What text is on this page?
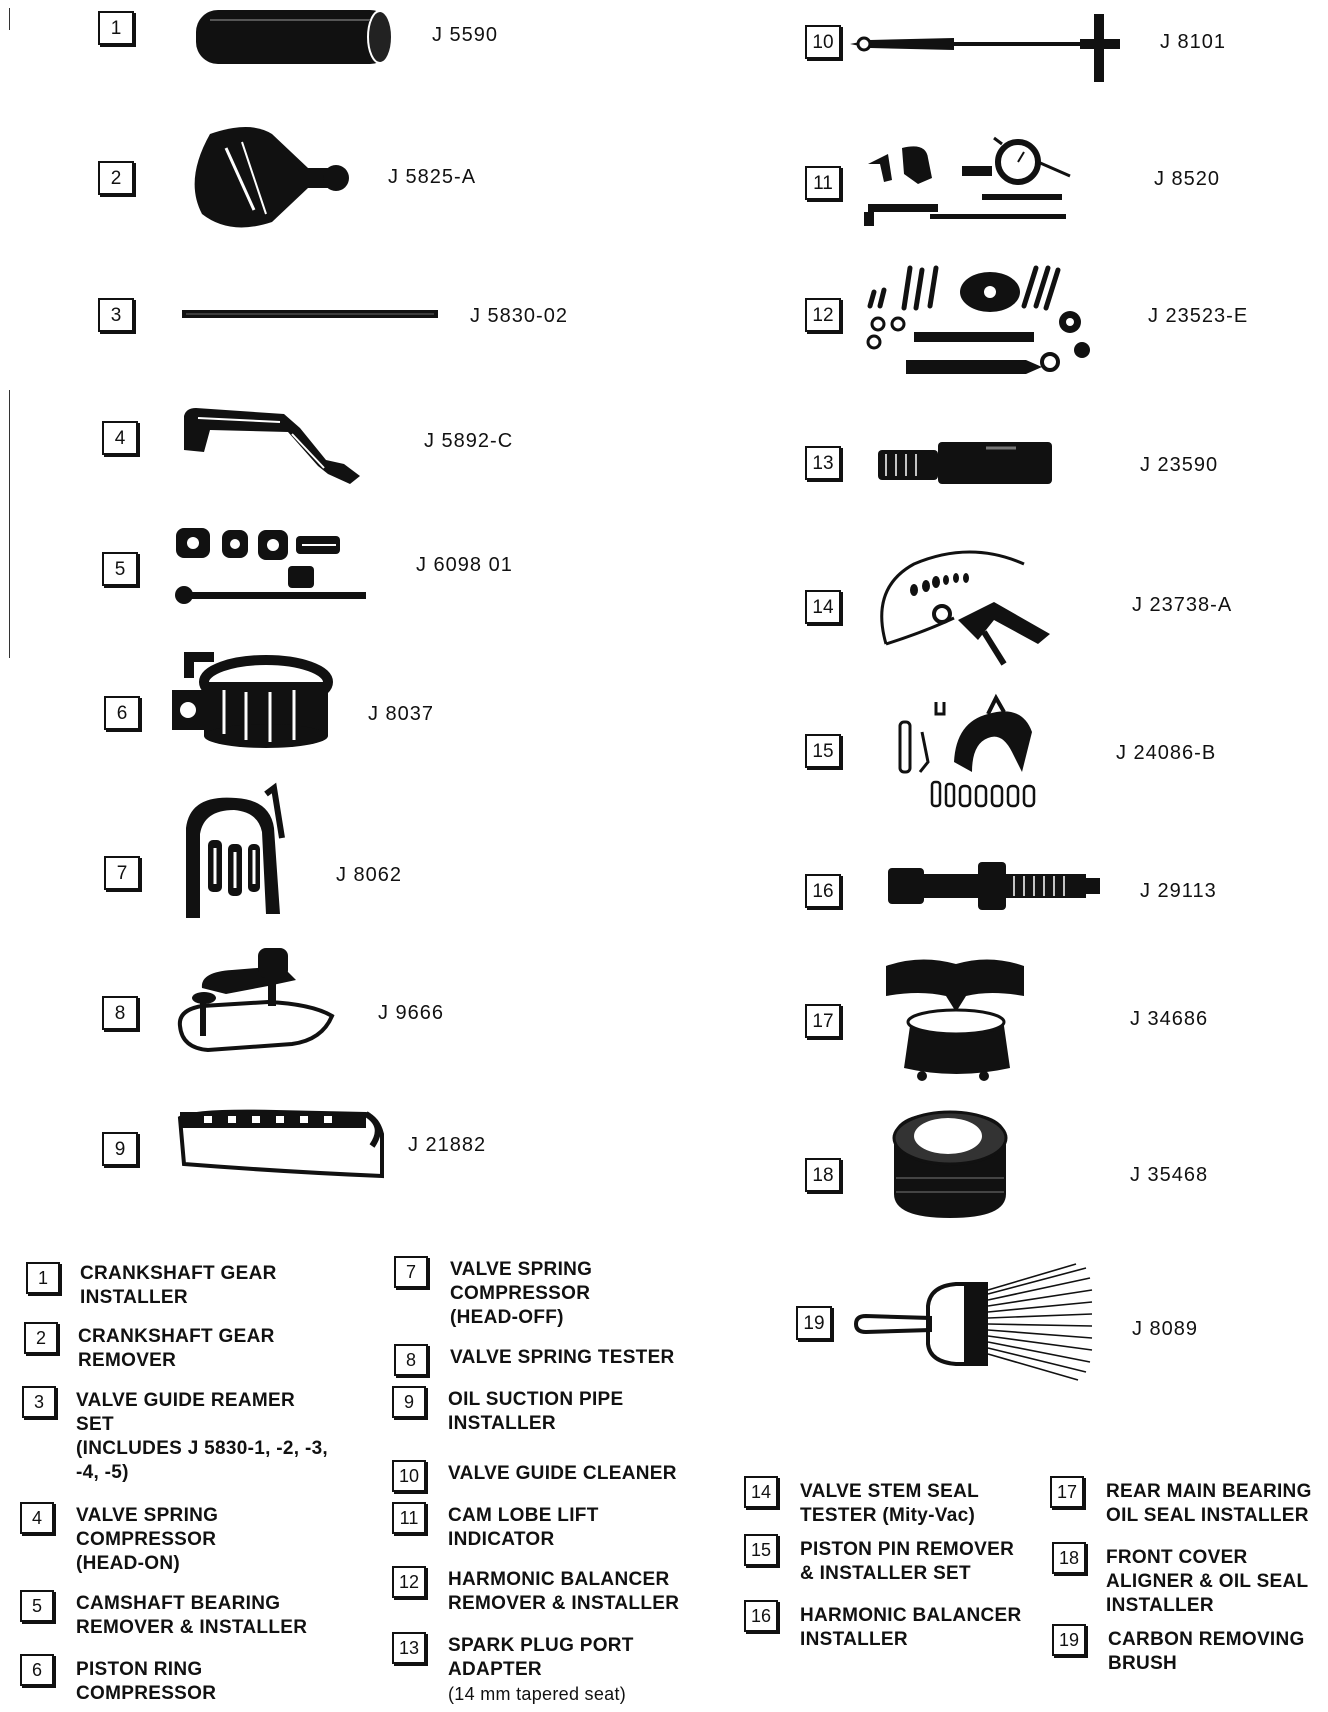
1	J 5590
2	J 5825-A
3	J 5830-02
4	J 5892-C
5	J 6098 01
6	J 8037
7	J 8062
8	J 9666
9	J 21882
10	J 8101
11	J 8520
12	J 23523-E
13	J 23590
14	J 23738-A
15	J 24086-B
16	J 29113
17	J 34686
18	J 35468
19	J 8089
1	CRANKSHAFT GEAR
INSTALLER
2	CRANKSHAFT GEAR
REMOVER
3	VALVE GUIDE REAMER
SET
(INCLUDES J 5830-1, -2, -3,
-4, -5)
4	VALVE SPRING
COMPRESSOR
(HEAD-ON)
5	CAMSHAFT BEARING
REMOVER & INSTALLER
6	PISTON RING
COMPRESSOR
7	VALVE SPRING
COMPRESSOR
(HEAD-OFF)
8	VALVE SPRING TESTER
9	OIL SUCTION PIPE
INSTALLER
10	VALVE GUIDE CLEANER
11	CAM LOBE LIFT
INDICATOR
12	HARMONIC BALANCER
REMOVER & INSTALLER
13	SPARK PLUG PORT
ADAPTER
(14 mm tapered seat)
14	VALVE STEM SEAL
TESTER (Mity-Vac)
15	PISTON PIN REMOVER
& INSTALLER SET
16	HARMONIC BALANCER
INSTALLER
17	REAR MAIN BEARING
OIL SEAL INSTALLER
18	FRONT COVER
ALIGNER & OIL SEAL
INSTALLER
19	CARBON REMOVING
BRUSH
